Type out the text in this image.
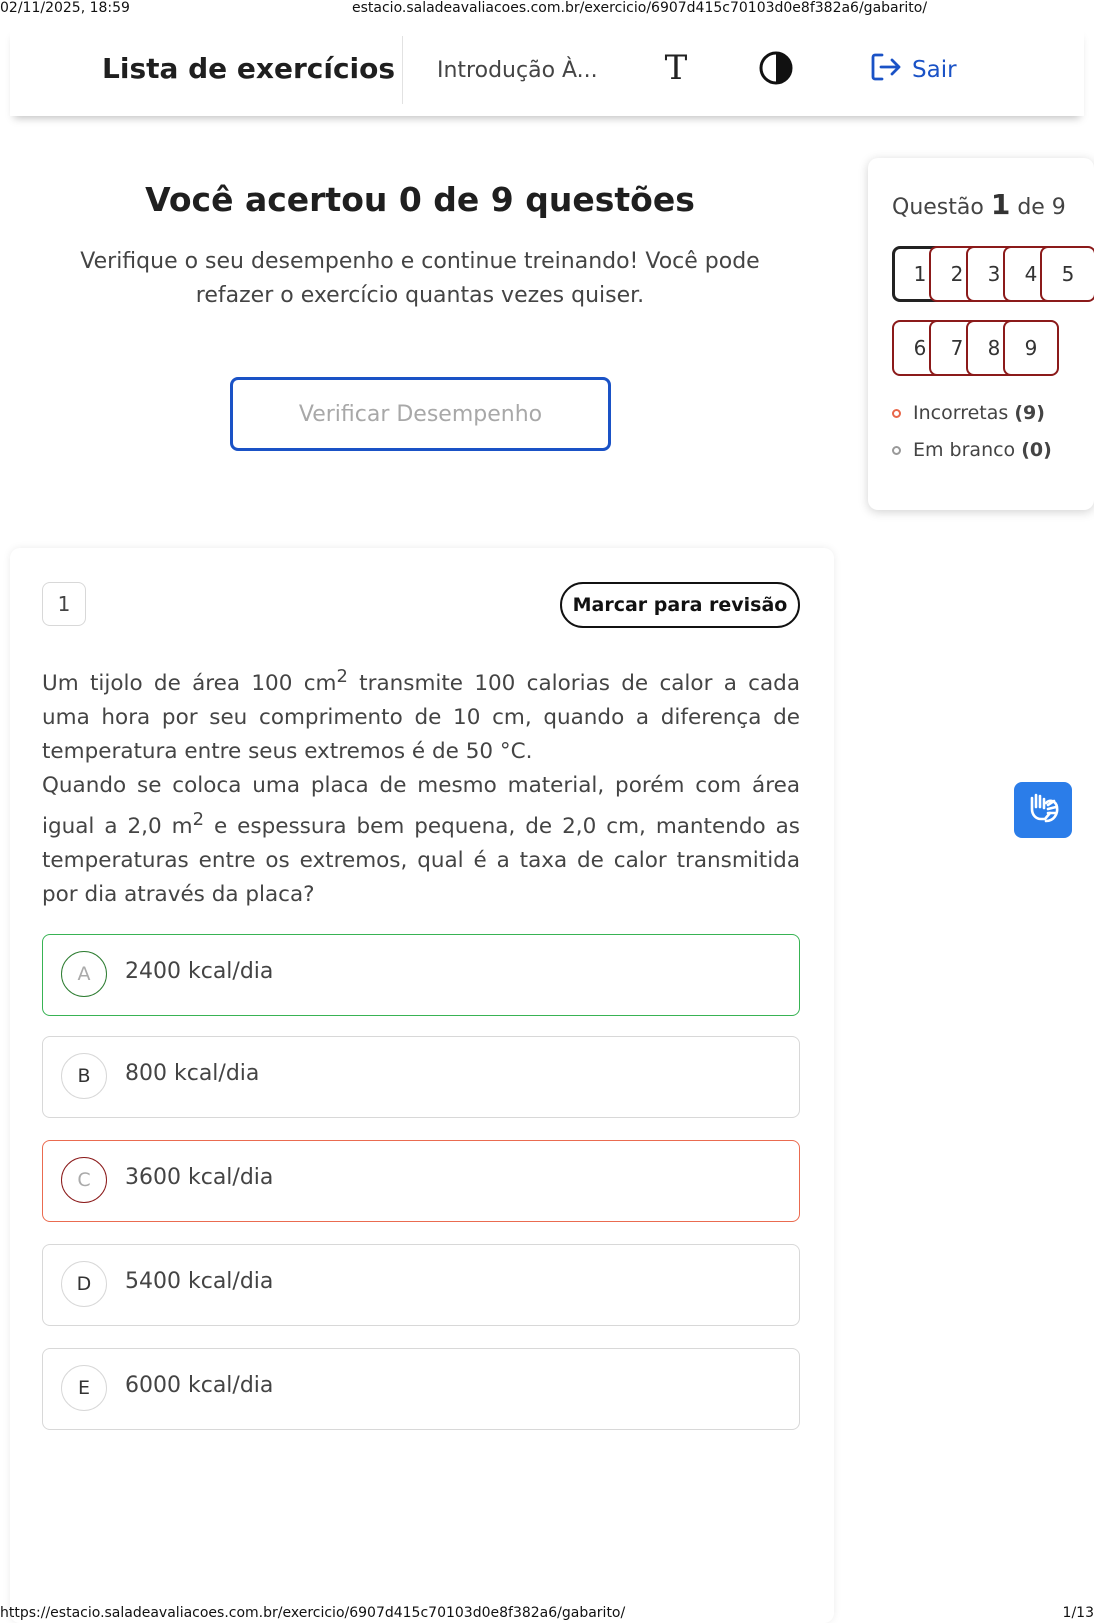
02/11/2025, 18:59	estacio.saladeavaliacoes.com.br/exercicio/6907d415c70103d0e8f382a6/gabarito/
Lista de exercícios Introdução À... T	Sair
Você acertou 0 de 9 questões

Verifique o seu desempenho e continue treinando! Você pode refazer o exercício quantas vezes quiser.

Verificar Desempenho
Questão 1 de 9
1	2	3	4	5
6	7	8	9
Incorretas (9)
Em branco (0)
1	Marcar para revisão

Um tijolo de área 100 $cm^2$ transmite 100 calorias de calor a cada uma hora por seu comprimento de 10 cm, quando a diferença de temperatura entre seus extremos é de 50 °C.

Quando se coloca uma placa de mesmo material, porém com área igual a 2,0 $m^2$ e espessura bem pequena, de 2,0 cm, mantendo as temperaturas entre os extremos, qual é a taxa de calor transmitida por dia através da placa?

A	2400 kcal/dia
B	800 kcal/dia
C	3600 kcal/dia
D	5400 kcal/dia
E	6000 kcal/dia
https://estacio.saladeavaliacoes.com.br/exercicio/6907d415c70103d0e8f382a6/gabarito/	1/13
